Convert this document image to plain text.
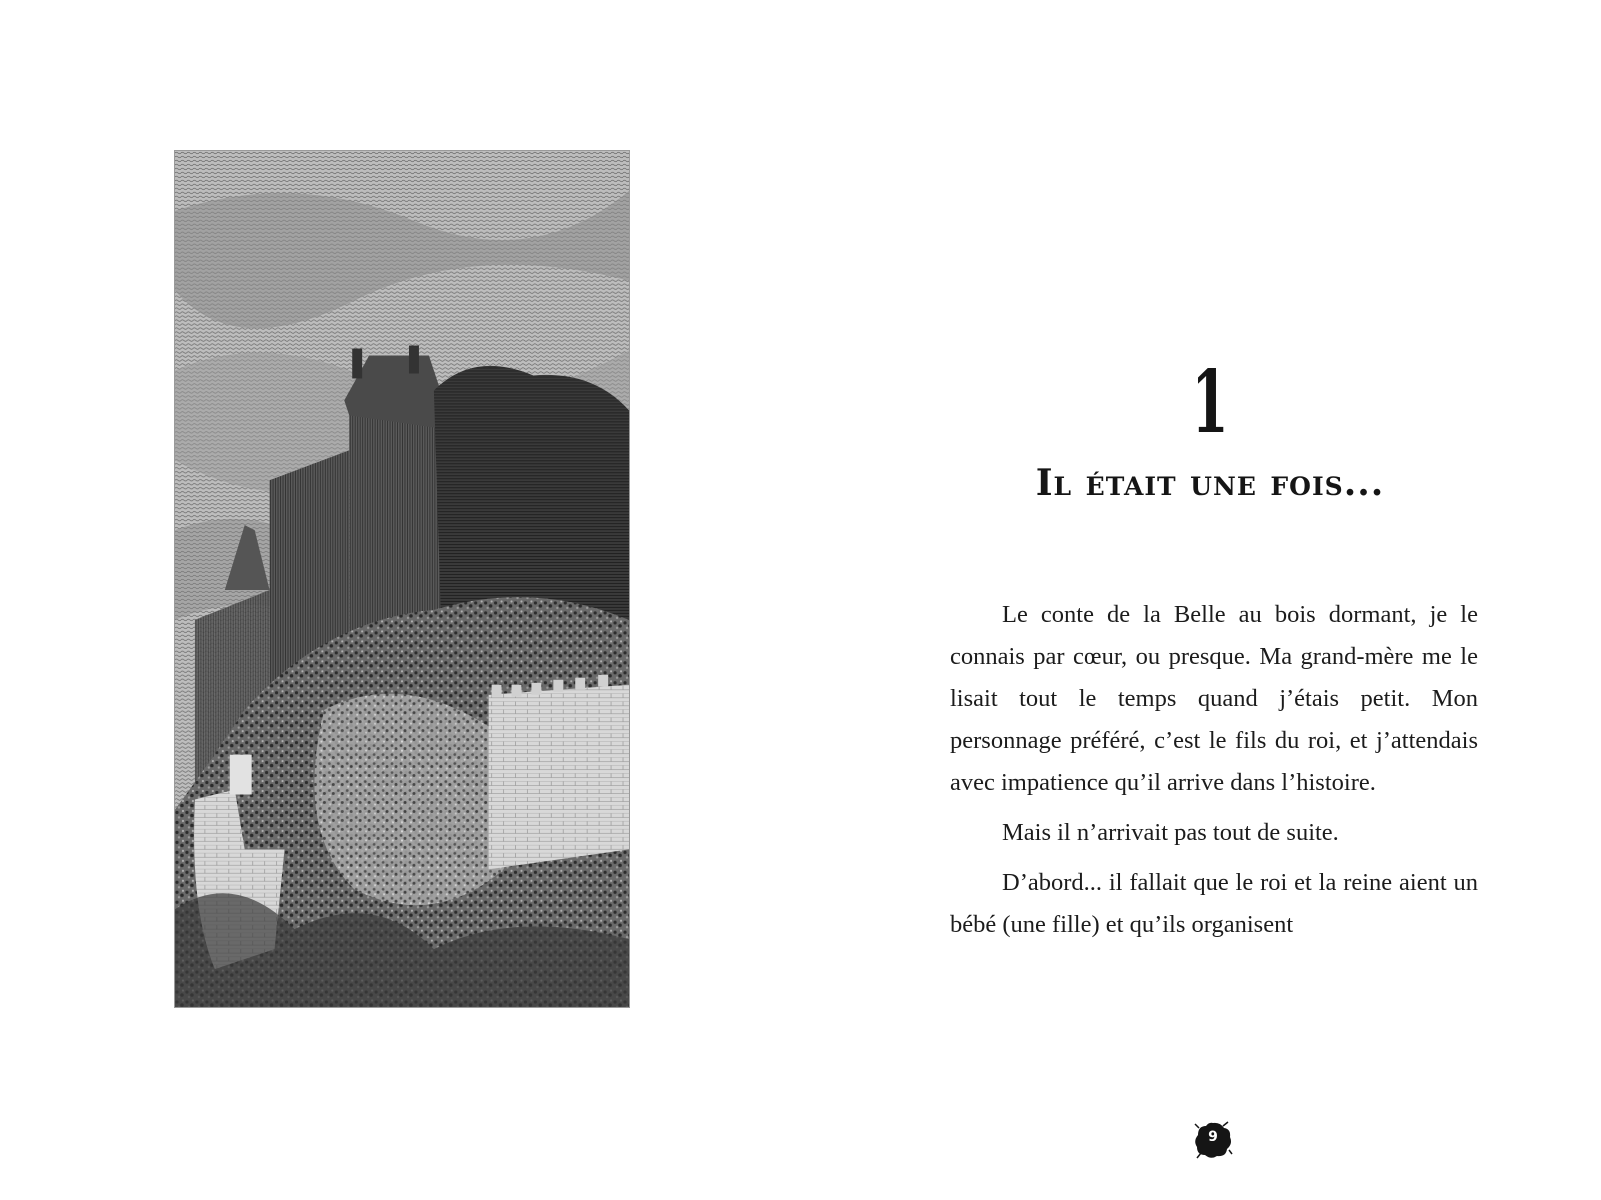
1
Il était une fois...

Le conte de la Belle au bois dormant, je le connais par cœur, ou presque. Ma grand-mère me le lisait tout le temps quand j’étais petit. Mon personnage préféré, c’est le fils du roi, et j’attendais avec impatience qu’il arrive dans l’histoire.

Mais il n’arrivait pas tout de suite.

D’abord... il fallait que le roi et la reine aient un bébé (une fille) et qu’ils organisent

9
